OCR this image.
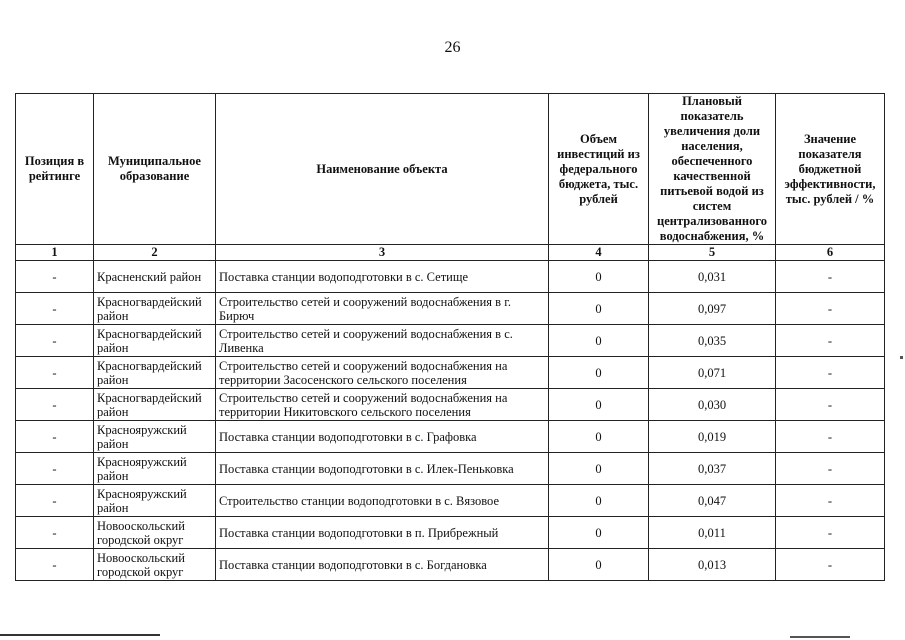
26
Позиция в рейтинге	Муниципальное образование	Наименование объекта	Объем инвестиций из федерального бюджета, тыс. рублей	Плановый показатель увеличения доли населения, обеспеченного качественной питьевой водой из систем централизованного водоснабжения, %	Значение показателя бюджетной эффективности, тыс. рублей / %
1	2	3	4	5	6
-	Красненский район	Поставка станции водоподготовки в с. Сетище	0	0,031	-
-	Красногвардейский район	Строительство сетей и сооружений водоснабжения в г. Бирюч	0	0,097	-
-	Красногвардейский район	Строительство сетей и сооружений водоснабжения в с. Ливенка	0	0,035	-
-	Красногвардейский район	Строительство сетей и сооружений водоснабжения на территории Засосенского сельского поселения	0	0,071	-
-	Красногвардейский район	Строительство сетей и сооружений водоснабжения на территории Никитовского сельского поселения	0	0,030	-
-	Краснояружский район	Поставка станции водоподготовки в с. Графовка	0	0,019	-
-	Краснояружский район	Поставка станции водоподготовки в с. Илек-Пеньковка	0	0,037	-
-	Краснояружский район	Строительство станции водоподготовки в с. Вязовое	0	0,047	-
-	Новооскольский городской округ	Поставка станции водоподготовки в п. Прибрежный	0	0,011	-
-	Новооскольский городской округ	Поставка станции водоподготовки в с. Богдановка	0	0,013	-
